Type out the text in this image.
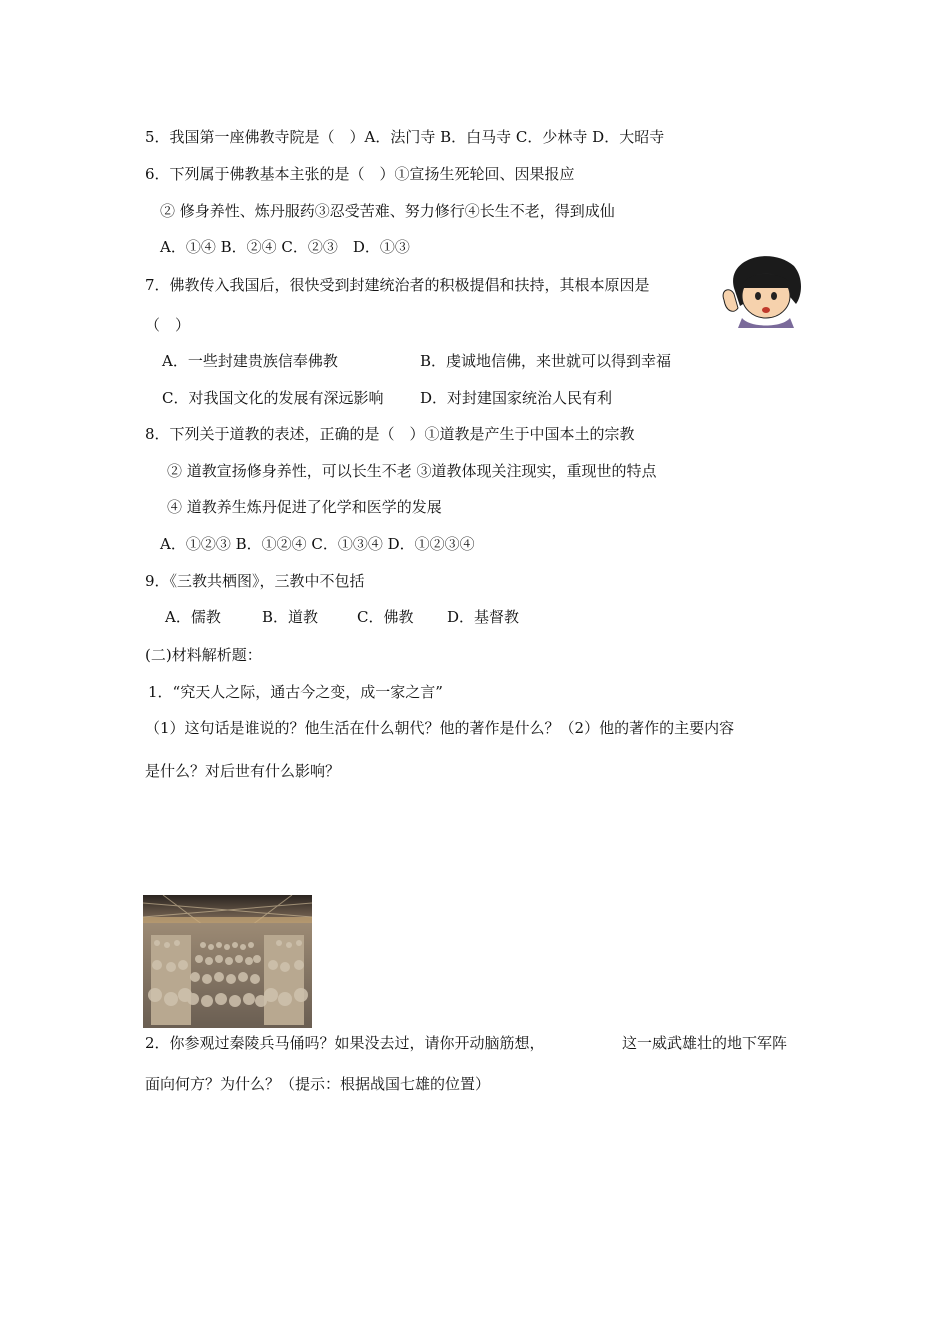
5．我国第一座佛教寺院是（　）A．法门寺 B．白马寺 C．少林寺 D．大昭寺
6．下列属于佛教基本主张的是（　）①宣扬生死轮回、因果报应
② 修身养性、炼丹服药③忍受苦难、努力修行④长生不老，得到成仙
A．①④ B．②④ C．②③　D．①③
7．佛教传入我国后，很快受到封建统治者的积极提倡和扶持，其根本原因是
（　）
A．一些封建贵族信奉佛教	B．虔诚地信佛，来世就可以得到幸福
C．对我国文化的发展有深远影响 D．对封建国家统治人民有利
8．下列关于道教的表述，正确的是（　）①道教是产生于中国本土的宗教
② 道教宣扬修身养性，可以长生不老 ③道教体现关注现实，重现世的特点
④ 道教养生炼丹促进了化学和医学的发展
A．①②③ B．①②④ C．①③④ D．①②③④
9．《三教共栖图》，三教中不包括
A．儒教	B．道教	C．佛教 D．基督教
(二)材料解析题：
1．“究天人之际，通古今之变，成一家之言”
（1）这句话是谁说的？他生活在什么朝代？他的著作是什么？（2）他的著作的主要内容
是什么？对后世有什么影响？
2．你参观过秦陵兵马俑吗？如果没去过，请你开动脑筋想，	这一威武雄壮的地下军阵
面向何方？为什么？（提示：根据战国七雄的位置）
